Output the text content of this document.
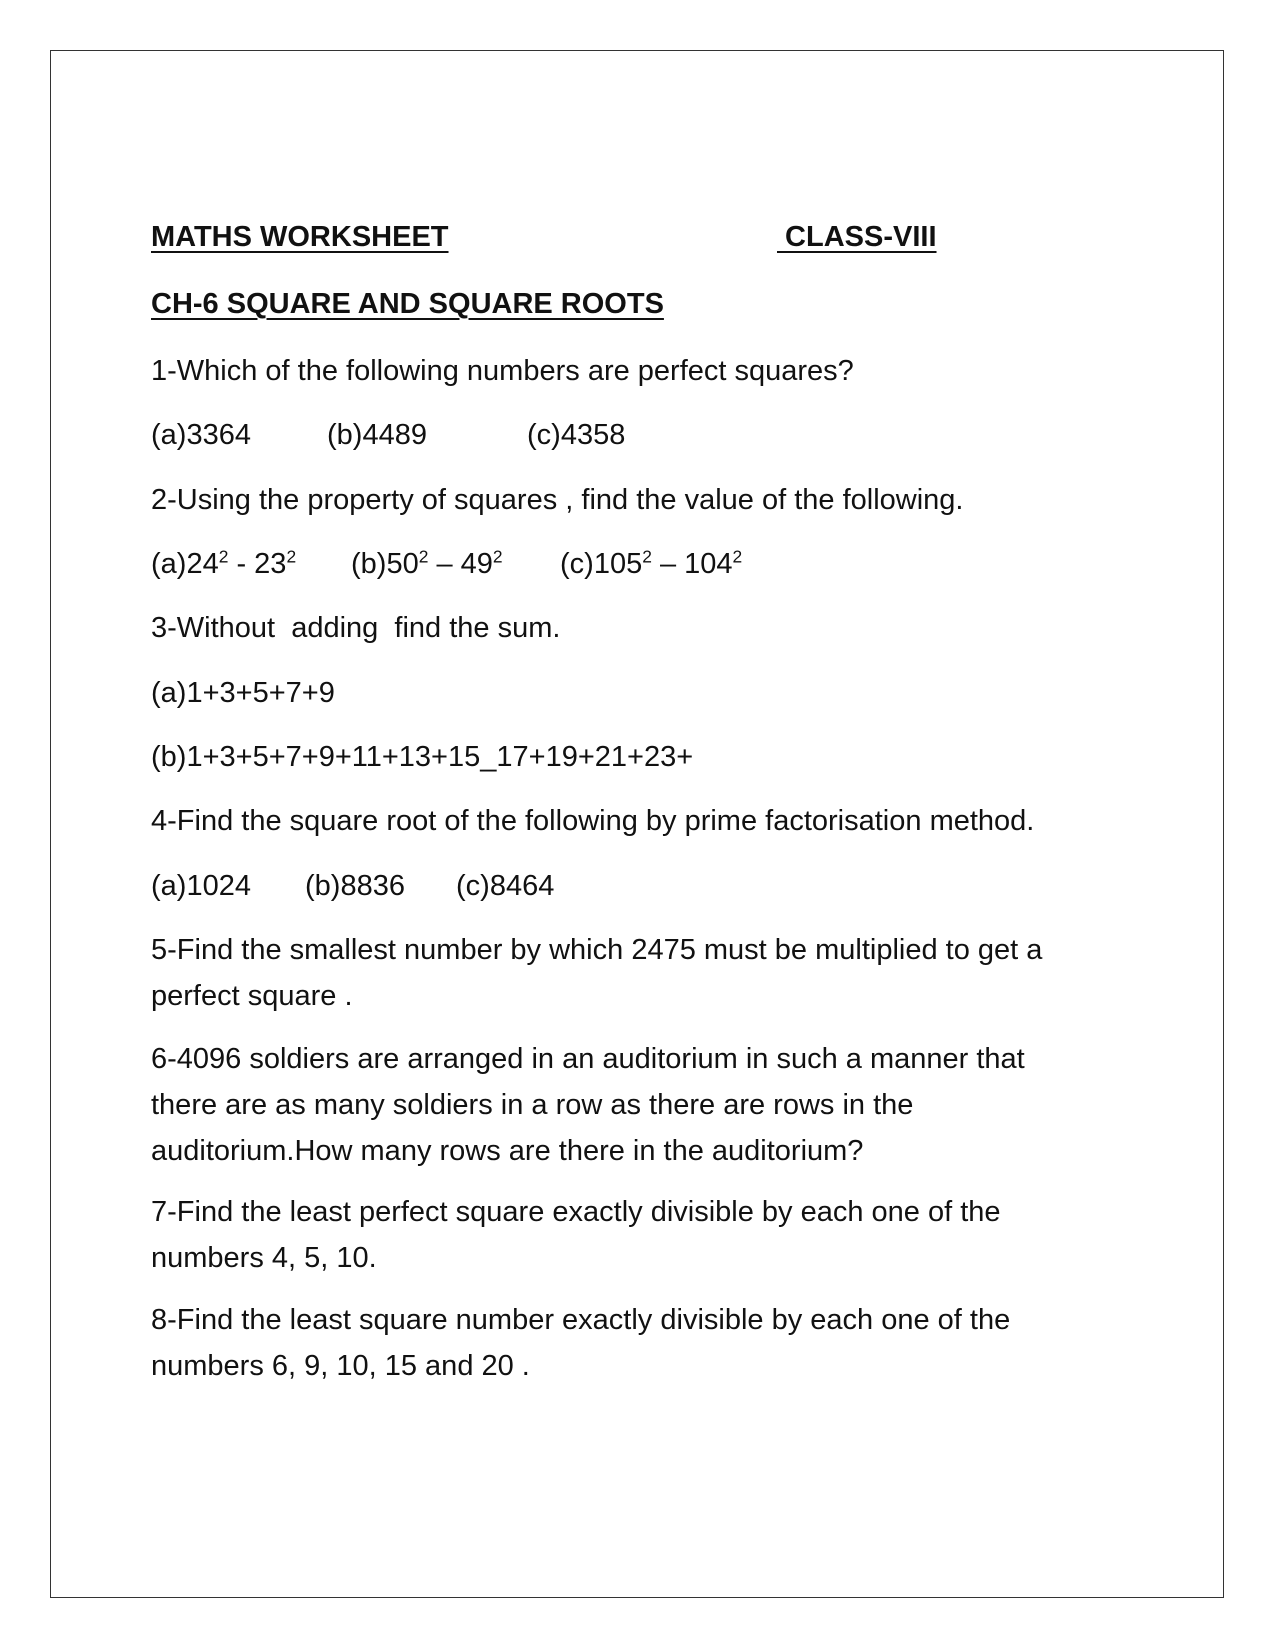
MATHS WORKSHEET	CLASS-VIII
CH-6 SQUARE AND SQUARE ROOTS
1-Which of the following numbers are perfect squares?
(a)3364	(b)4489	(c)4358
2-Using the property of squares , find the value of the following.
$(a)24^2 - 23^2$ $(b)50^2 - 49^2$ $(c)105^2 - 104^2$
3-Without  adding  find the sum.
(a)1+3+5+7+9
(b)1+3+5+7+9+11+13+15_17+19+21+23+
4-Find the square root of the following by prime factorisation method.
(a)1024 (b)8836 (c)8464
5-Find the smallest number by which 2475 must be multiplied to get a perfect square .
6-4096 soldiers are arranged in an auditorium in such a manner that there are as many soldiers in a row as there are rows in the auditorium.How many rows are there in the auditorium?
7-Find the least perfect square exactly divisible by each one of the numbers 4, 5, 10.
8-Find the least square number exactly divisible by each one of the numbers 6, 9, 10, 15 and 20 .
